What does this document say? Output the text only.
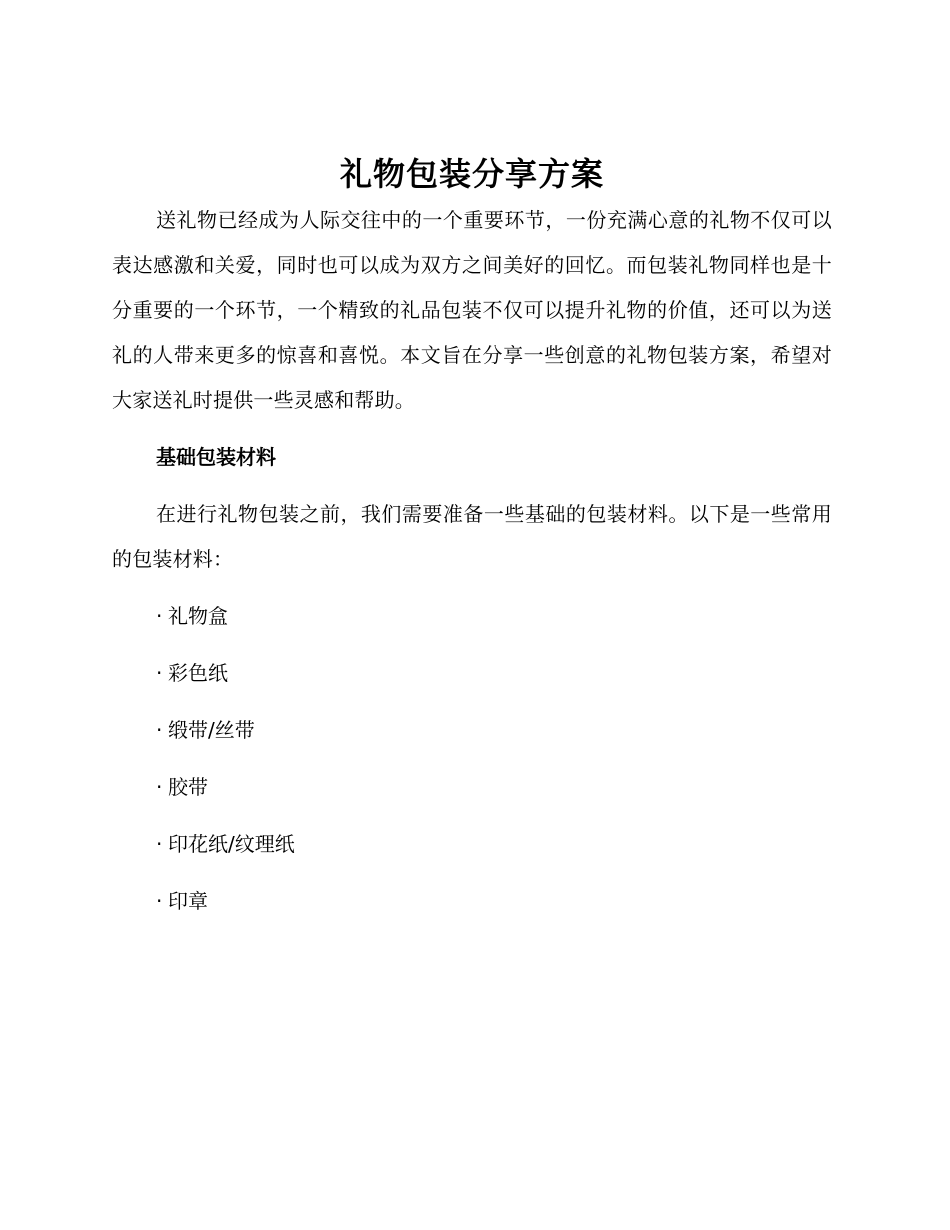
礼物包装分享方案

送礼物已经成为人际交往中的一个重要环节，一份充满心意的礼物不仅可以表达感激和关爱，同时也可以成为双方之间美好的回忆。而包装礼物同样也是十分重要的一个环节，一个精致的礼品包装不仅可以提升礼物的价值，还可以为送礼的人带来更多的惊喜和喜悦。本文旨在分享一些创意的礼物包装方案，希望对大家送礼时提供一些灵感和帮助。

基础包装材料

在进行礼物包装之前，我们需要准备一些基础的包装材料。以下是一些常用的包装材料：

· 礼物盒
· 彩色纸
· 缎带/丝带
· 胶带
· 印花纸/纹理纸
· 印章
